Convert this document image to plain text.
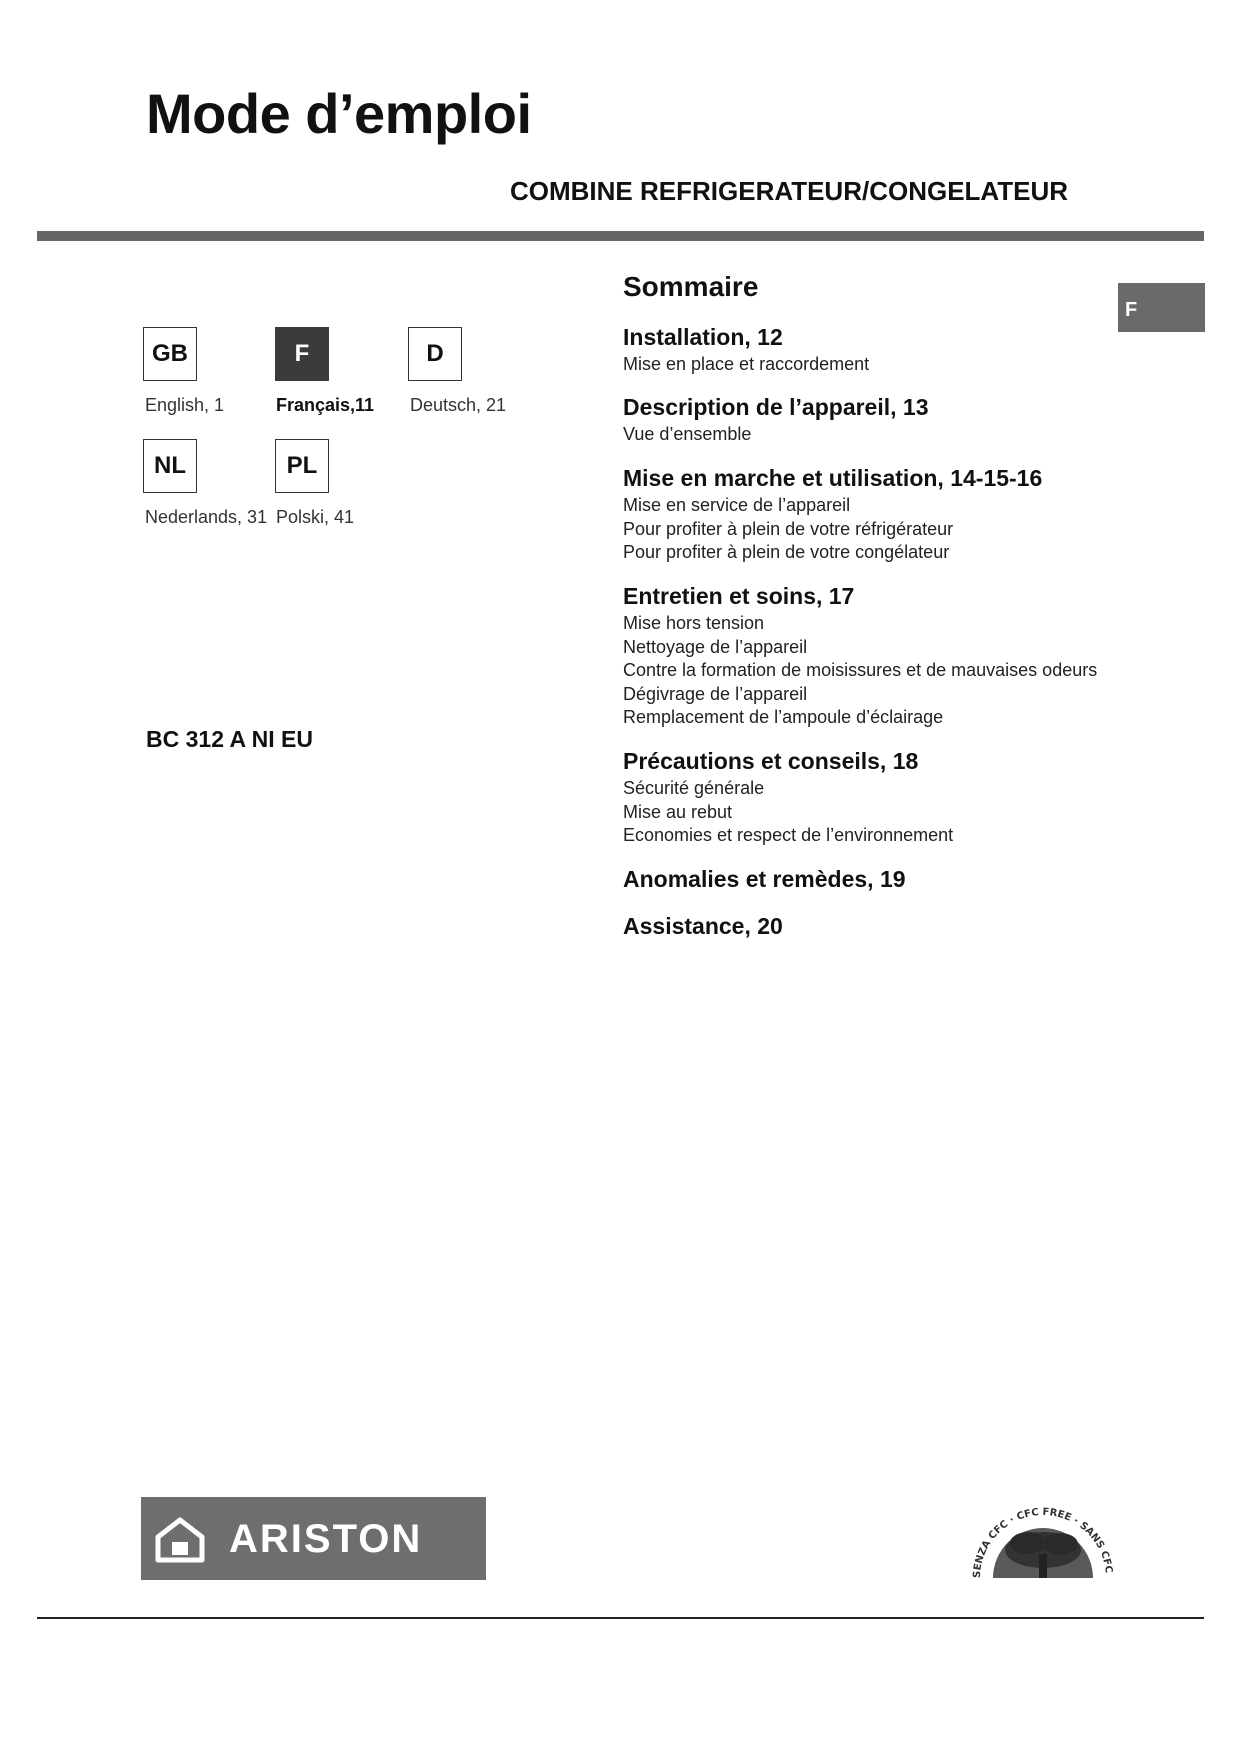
Mode d’emploi
COMBINE REFRIGERATEUR/CONGELATEUR
GB	F	D
English, 1	Français,11 Deutsch, 21
NL	PL
Nederlands, 31 Polski, 41
BC 312 A NI EU
Sommaire
F
Installation, 12
Mise en place et raccordement
Description de l’appareil, 13
Vue d’ensemble
Mise en marche et utilisation, 14-15-16
Mise en service de l’appareil
Pour profiter à plein de votre réfrigérateur
Pour profiter à plein de votre congélateur
Entretien et soins, 17
Mise hors tension
Nettoyage de l’appareil
Contre la formation de moisissures et de mauvaises odeurs
Dégivrage de l’appareil
Remplacement de l’ampoule d’éclairage
Précautions et conseils, 18
Sécurité générale
Mise au rebut
Economies et respect de l’environnement
Anomalies et remèdes, 19
Assistance, 20
ARISTON
SENZA CFC · CFC FREE · SANS CFC
